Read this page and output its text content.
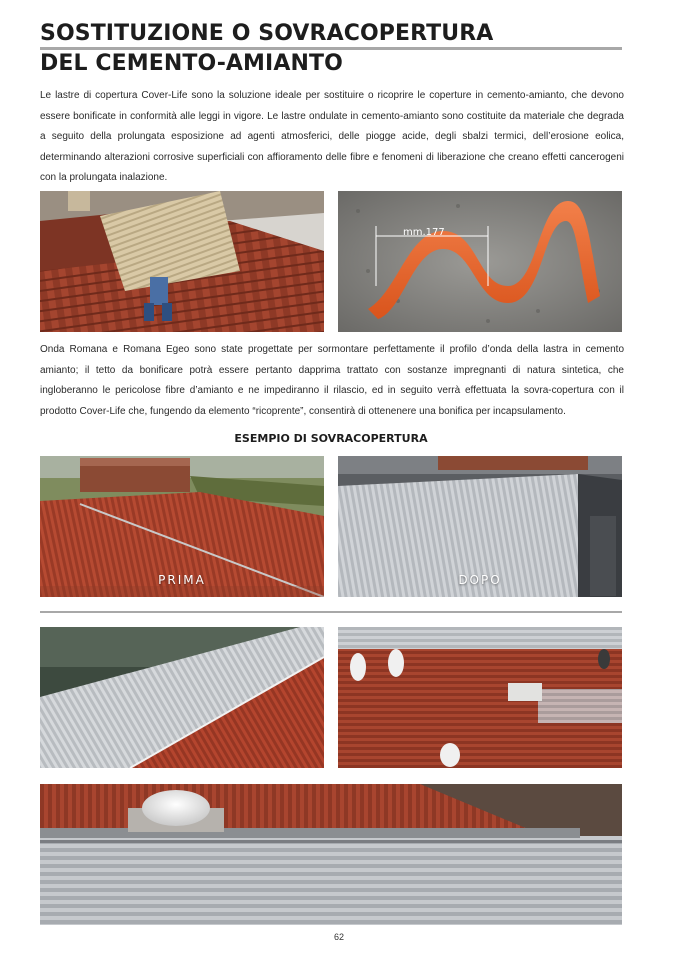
SOSTITUZIONE O SOVRACOPERTURA
DEL CEMENTO-AMIANTO

Le lastre di copertura Cover-Life sono la soluzione ideale per sostituire o ricoprire le coperture in cemento-amianto, che devono essere bonificate in conformità alle leggi in vigore. Le lastre ondulate in cemento-amianto sono costituite da materiale che degrada a seguito della prolungata esposizione ad agenti atmosferici, delle piogge acide, degli sbalzi termici, dell’erosione eolica, determinando alterazioni corrosive superficiali con affioramento delle fibre e fenomeni di liberazione che creano effetti cancerogeni con la prolungata inalazione.

mm.177

Onda Romana e Romana Egeo sono state progettate per sormontare perfettamente il profilo d’onda della lastra in cemento amianto; il tetto da bonificare potrà essere pertanto dapprima trattato con sostanze impregnanti di natura sintetica, che ingloberanno le pericolose fibre d’amianto e ne impediranno il rilascio, ed in seguito verrà effettuata la sovra-copertura con il prodotto Cover-Life che, fungendo da elemento “ricoprente”, consentirà di ottenenere una bonifica per incapsulamento.

ESEMPIO DI SOVRACOPERTURA
PRIMA	DOPO
62
